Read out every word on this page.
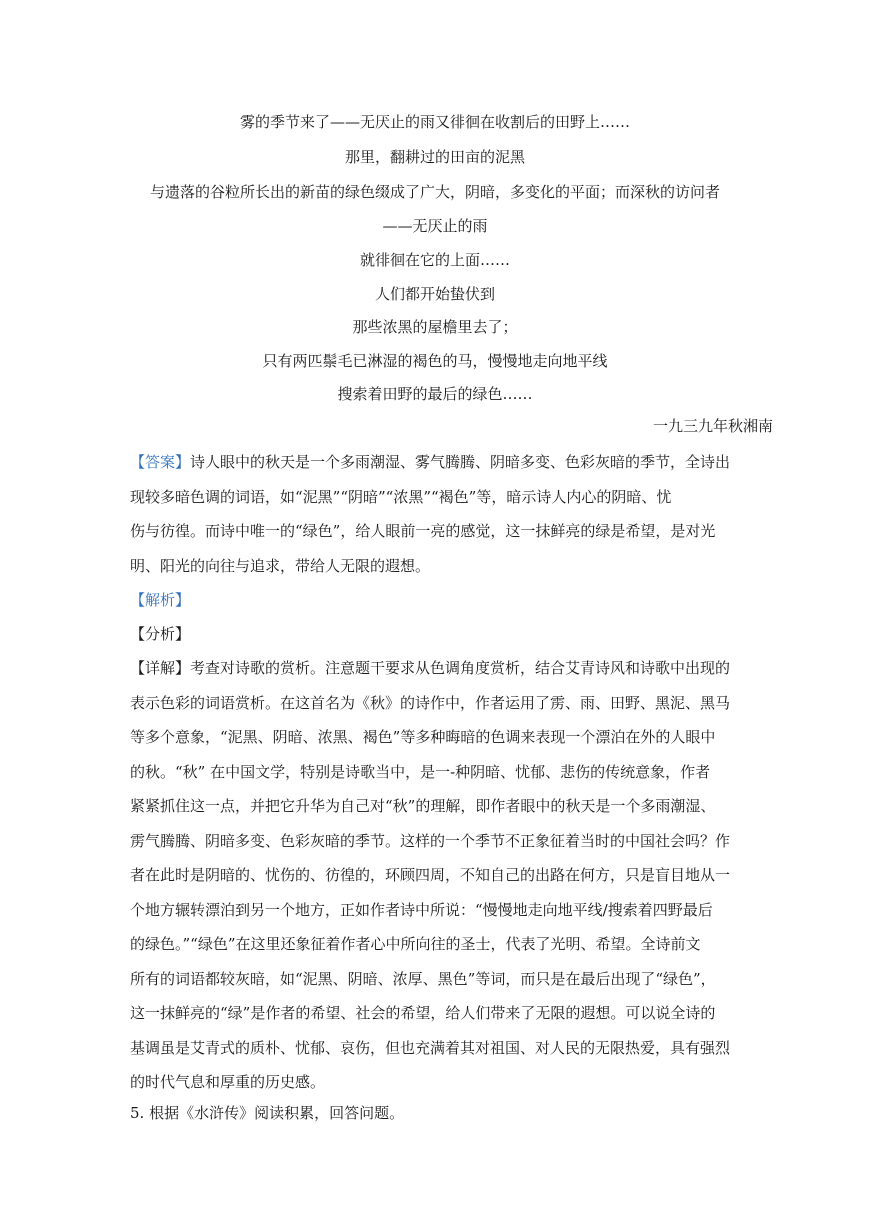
雾的季节来了——无厌止的雨又徘徊在收割后的田野上……
那里，翻耕过的田亩的泥黑
与遗落的谷粒所长出的新苗的绿色缀成了广大，阴暗，多变化的平面；而深秋的访问者
——无厌止的雨
就徘徊在它的上面……
人们都开始蛰伏到
那些浓黑的屋檐里去了；
只有两匹鬃毛已淋湿的褐色的马，慢慢地走向地平线
搜索着田野的最后的绿色……
一九三九年秋湘南
【答案】诗人眼中的秋天是一个多雨潮湿、雾气腾腾、阴暗多变、色彩灰暗的季节，全诗出
现较多暗色调的词语，如“泥黑”“阴暗”“浓黑”“褐色”等，暗示诗人内心的阴暗、忧
伤与彷徨。而诗中唯一的“绿色”，给人眼前一亮的感觉，这一抹鲜亮的绿是希望，是对光
明、阳光的向往与追求，带给人无限的遐想。
【解析】
【分析】
【详解】考查对诗歌的赏析。注意题干要求从色调角度赏析，结合艾青诗风和诗歌中出现的
表示色彩的词语赏析。在这首名为《秋》的诗作中，作者运用了雳、雨、田野、黑泥、黑马
等多个意象，“泥黑、阴暗、浓黑、褐色”等多种晦暗的色调来表现一个漂泊在外的人眼中
的秋。“秋” 在中国文学，特别是诗歌当中，是一-种阴暗、忧郁、悲伤的传统意象，作者
紧紧抓住这一点，并把它升华为自己对“秋”的理解，即作者眼中的秋天是一个多雨潮湿、
雳气腾腾、阴暗多变、色彩灰暗的季节。这样的一个季节不正象征着当时的中国社会吗？作
者在此时是阴暗的、忧伤的、彷徨的，环顾四周，不知自己的出路在何方，只是盲目地从一
个地方辗转漂泊到另一个地方，正如作者诗中所说：“慢慢地走向地平线/搜索着四野最后
的绿色。”“绿色”在这里还象征着作者心中所向往的圣士，代表了光明、希望。全诗前文
所有的词语都较灰暗，如“泥黑、阴暗、浓厚、黑色”等词，而只是在最后出现了“绿色”，
这一抹鲜亮的“绿”是作者的希望、社会的希望，给人们带来了无限的遐想。可以说全诗的
基调虽是艾青式的质朴、忧郁、哀伤，但也充满着其对祖国、对人民的无限热爱，具有强烈
的时代气息和厚重的历史感。
5. 根据《水浒传》阅读积累，回答问题。
